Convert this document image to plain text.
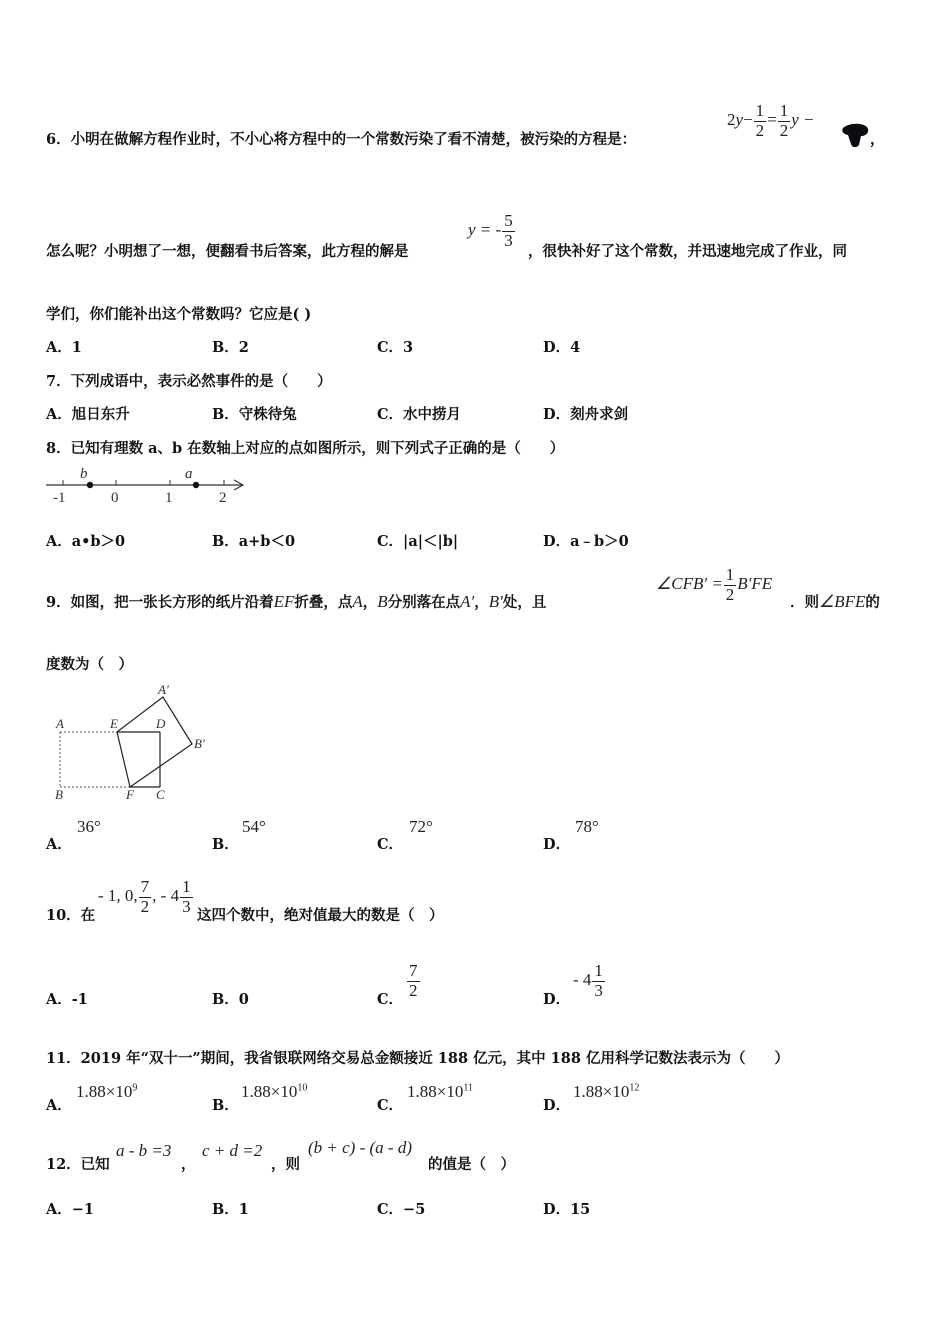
6．小明在做解方程作业时，不小心将方程中的一个常数污染了看不清楚，被污染的方程是：
$2y- \frac{1}{2} = \frac{1}{2}$ y −
，
怎么呢？小明想了一想，便翻看书后答案，此方程的解是
y = - $\frac{5}{3}$
，很快补好了这个常数，并迅速地完成了作业，同
学们，你们能补出这个常数吗？它应是( )
A．1	B．2	C．3	D．4
7．下列成语中，表示必然事件的是（　　）
A．旭日东升	B．守株待兔	C．水中捞月	D．刻舟求剑
8．已知有理数 a、b 在数轴上对应的点如图所示，则下列式子正确的是（　　）
-1	0	1	2
b	a
A．a•b＞0	B．a+b＜0	C．|a|＜|b|	D．a﹣b＞0
9．如图，把一张长方形的纸片沿着EF折叠，点A，B分别落在点A′，B′处，且
∠CFB′ = $\frac{1}{2} B'FE$
．则∠BFE的
度数为（　）
A	E	D
A′
B′
B	F C
A．
36°
B．
54°
C．
72°
D．
78°
10．在
- 1, 0, $\frac{7}{2}$ , - $4 \frac{1}{3}$ 这四个数中，绝对值最大的数是（　）
A．-1	B．0	C． $\frac{7}{2}$	D．
- $4 \frac{1}{3}$
11．2019 年“双十一”期间，我省银联网络交易总金额接近 188 亿元，其中 188 亿用科学记数法表示为（　　）
A．
$1.88\times 10^9$
B．
$1.88\times 10^{10}$
C．
$1.88\times 10^{11}$
D．
$1.88\times 10^{12}$
12．已知
a - b =3
，
c + d =2
，则
(b + c) - (a - d)
的值是（　）
A．−1	B．1	C．−5	D．15
